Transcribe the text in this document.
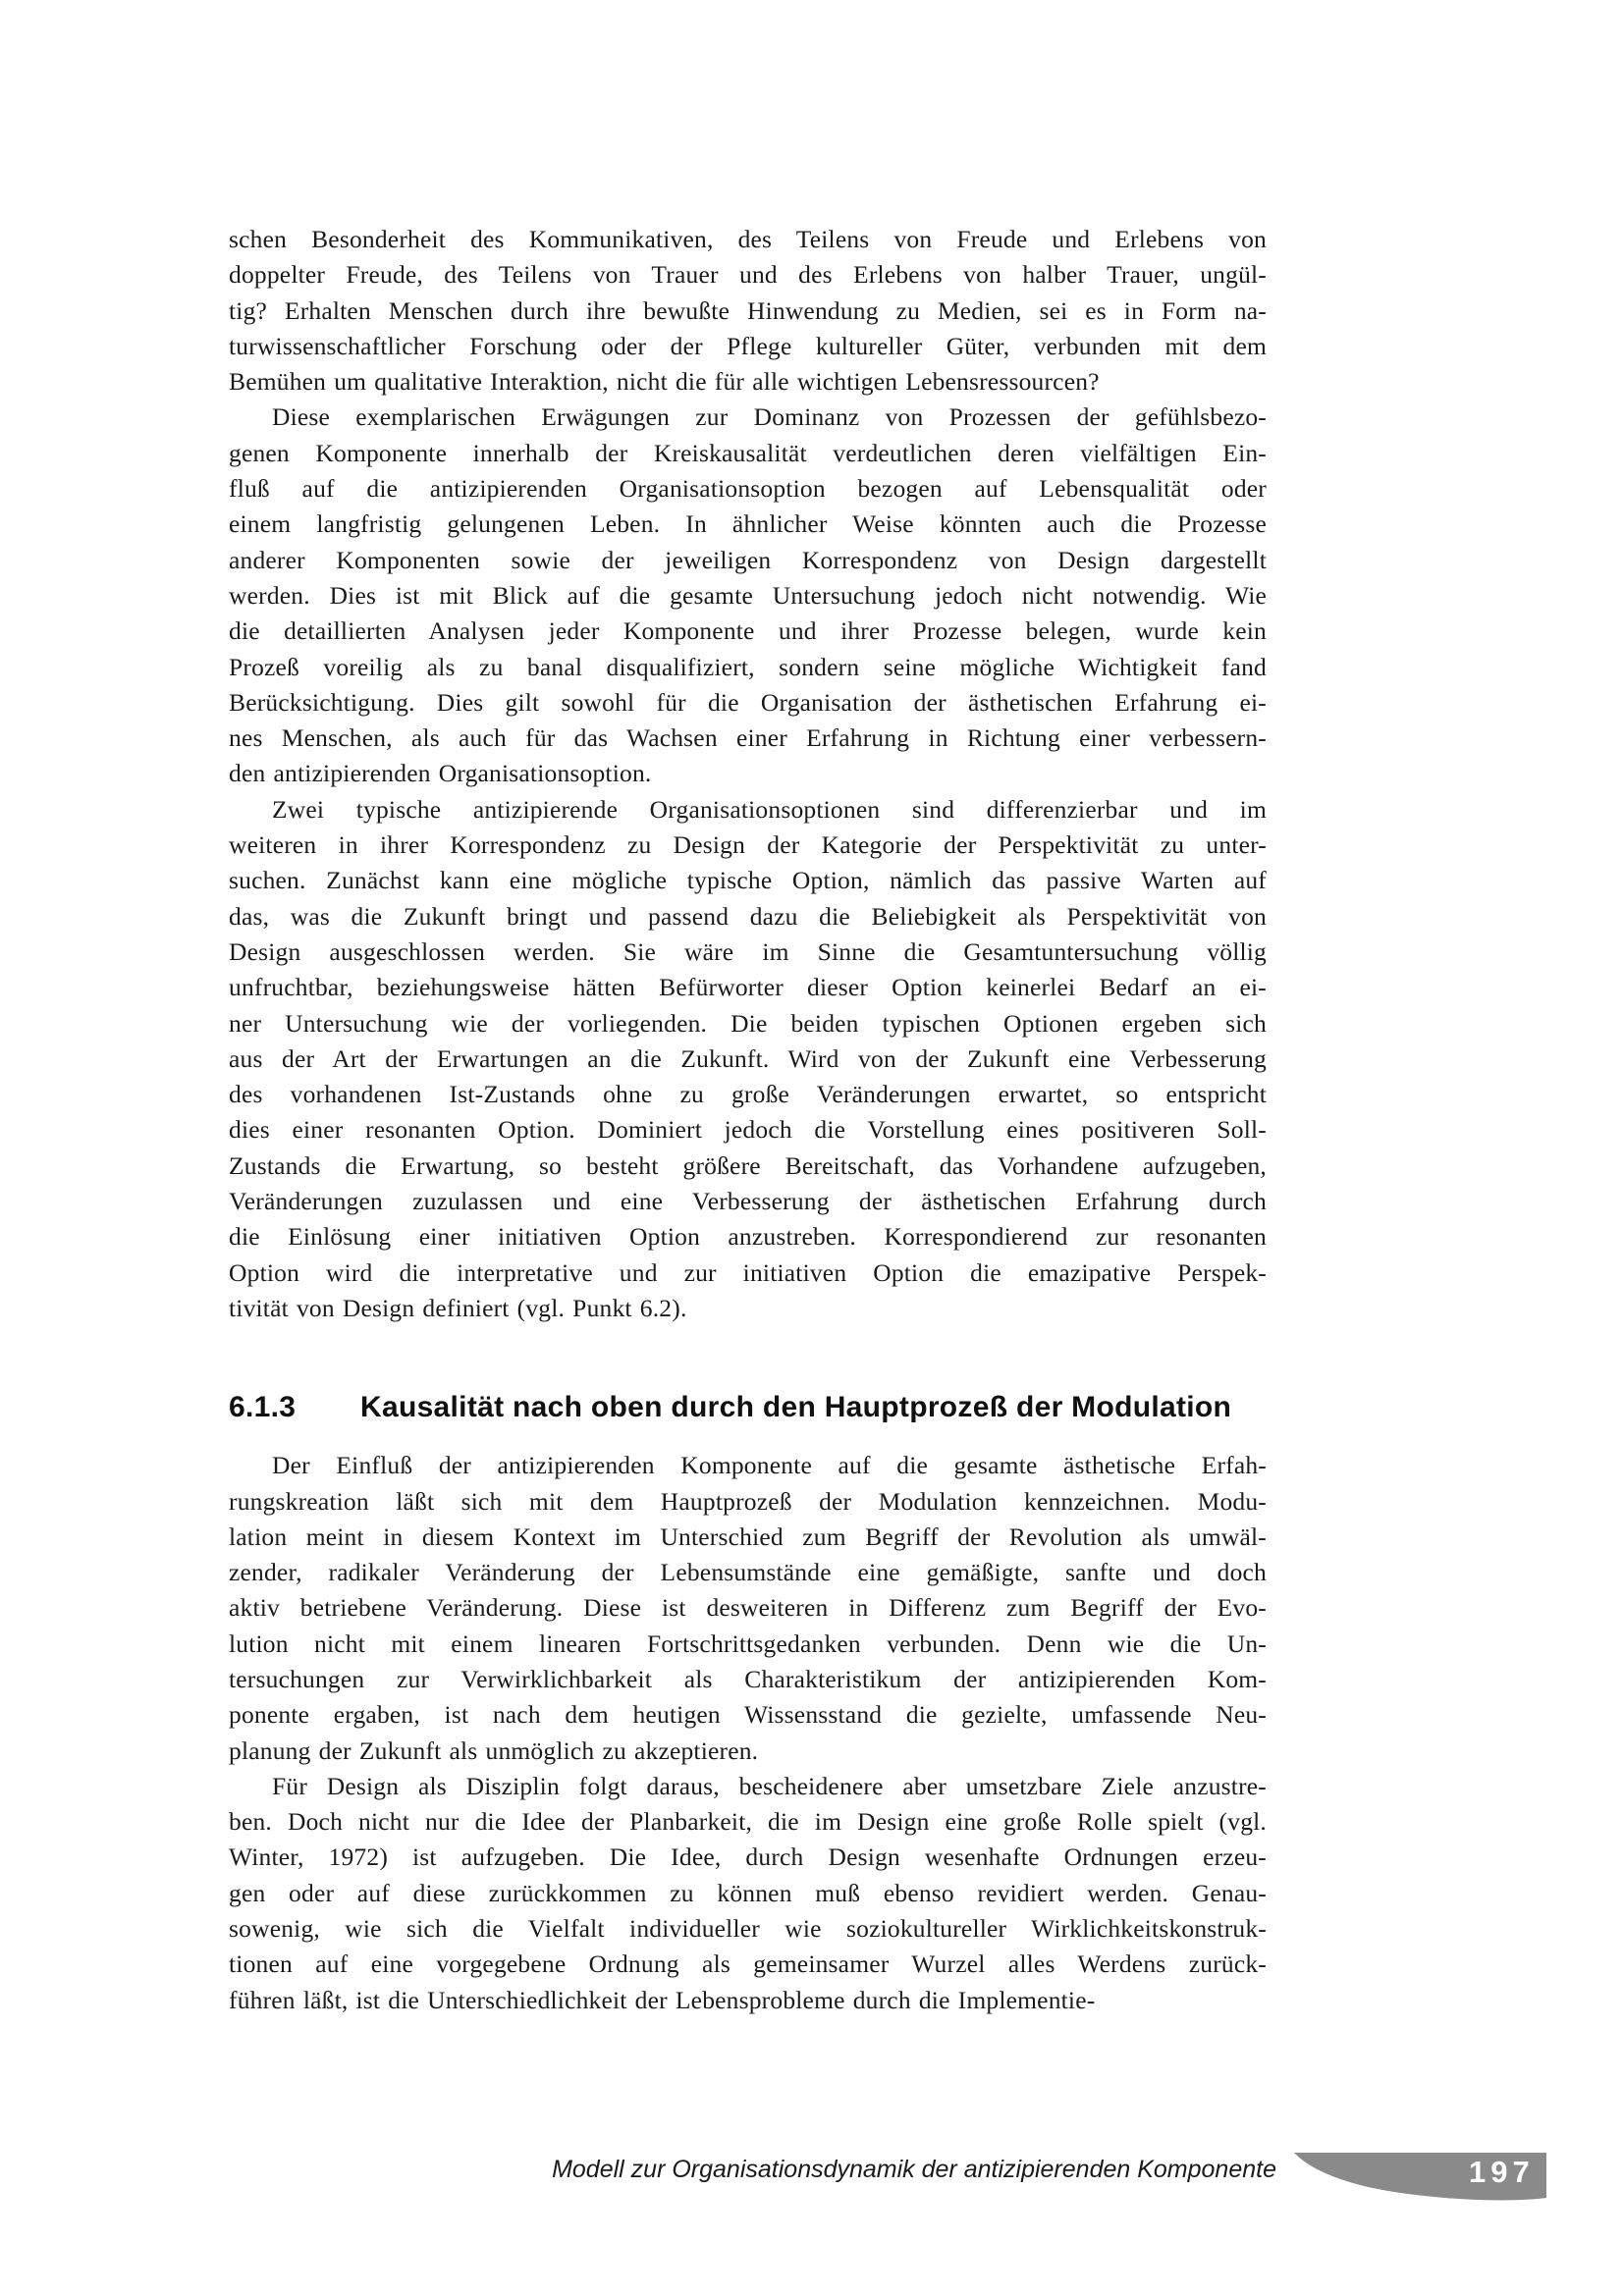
schen Besonderheit des Kommunikativen, des Teilens von Freude und Erlebens von
doppelter Freude, des Teilens von Trauer und des Erlebens von halber Trauer, ungül-
tig? Erhalten Menschen durch ihre bewußte Hinwendung zu Medien, sei es in Form na-
turwissenschaftlicher Forschung oder der Pflege kultureller Güter, verbunden mit dem
Bemühen um qualitative Interaktion, nicht die für alle wichtigen Lebensressourcen?
Diese exemplarischen Erwägungen zur Dominanz von Prozessen der gefühlsbezo-
genen Komponente innerhalb der Kreiskausalität verdeutlichen deren vielfältigen Ein-
fluß auf die antizipierenden Organisationsoption bezogen auf Lebensqualität oder
einem langfristig gelungenen Leben. In ähnlicher Weise könnten auch die Prozesse
anderer Komponenten sowie der jeweiligen Korrespondenz von Design dargestellt
werden. Dies ist mit Blick auf die gesamte Untersuchung jedoch nicht notwendig. Wie
die detaillierten Analysen jeder Komponente und ihrer Prozesse belegen, wurde kein
Prozeß voreilig als zu banal disqualifiziert, sondern seine mögliche Wichtigkeit fand
Berücksichtigung. Dies gilt sowohl für die Organisation der ästhetischen Erfahrung ei-
nes Menschen, als auch für das Wachsen einer Erfahrung in Richtung einer verbessern-
den antizipierenden Organisationsoption.
Zwei typische antizipierende Organisationsoptionen sind differenzierbar und im
weiteren in ihrer Korrespondenz zu Design der Kategorie der Perspektivität zu unter-
suchen. Zunächst kann eine mögliche typische Option, nämlich das passive Warten auf
das, was die Zukunft bringt und passend dazu die Beliebigkeit als Perspektivität von
Design ausgeschlossen werden. Sie wäre im Sinne die Gesamtuntersuchung völlig
unfruchtbar, beziehungsweise hätten Befürworter dieser Option keinerlei Bedarf an ei-
ner Untersuchung wie der vorliegenden. Die beiden typischen Optionen ergeben sich
aus der Art der Erwartungen an die Zukunft. Wird von der Zukunft eine Verbesserung
des vorhandenen Ist-Zustands ohne zu große Veränderungen erwartet, so entspricht
dies einer resonanten Option. Dominiert jedoch die Vorstellung eines positiveren Soll-
Zustands die Erwartung, so besteht größere Bereitschaft, das Vorhandene aufzugeben,
Veränderungen zuzulassen und eine Verbesserung der ästhetischen Erfahrung durch
die Einlösung einer initiativen Option anzustreben. Korrespondierend zur resonanten
Option wird die interpretative und zur initiativen Option die emazipative Perspek-
tivität von Design definiert (vgl. Punkt 6.2).
6.1.3	Kausalität nach oben durch den Hauptprozeß der Modulation
Der Einfluß der antizipierenden Komponente auf die gesamte ästhetische Erfah-
rungskreation läßt sich mit dem Hauptprozeß der Modulation kennzeichnen. Modu-
lation meint in diesem Kontext im Unterschied zum Begriff der Revolution als umwäl-
zender, radikaler Veränderung der Lebensumstände eine gemäßigte, sanfte und doch
aktiv betriebene Veränderung. Diese ist desweiteren in Differenz zum Begriff der Evo-
lution nicht mit einem linearen Fortschrittsgedanken verbunden. Denn wie die Un-
tersuchungen zur Verwirklichbarkeit als Charakteristikum der antizipierenden Kom-
ponente ergaben, ist nach dem heutigen Wissensstand die gezielte, umfassende Neu-
planung der Zukunft als unmöglich zu akzeptieren.
Für Design als Disziplin folgt daraus, bescheidenere aber umsetzbare Ziele anzustre-
ben. Doch nicht nur die Idee der Planbarkeit, die im Design eine große Rolle spielt (vgl.
Winter, 1972) ist aufzugeben. Die Idee, durch Design wesenhafte Ordnungen erzeu-
gen oder auf diese zurückkommen zu können muß ebenso revidiert werden. Genau-
sowenig, wie sich die Vielfalt individueller wie soziokultureller Wirklichkeitskonstruk-
tionen auf eine vorgegebene Ordnung als gemeinsamer Wurzel alles Werdens zurück-
führen läßt, ist die Unterschiedlichkeit der Lebensprobleme durch die Implementie-
Modell zur Organisationsdynamik der antizipierenden Komponente	197
